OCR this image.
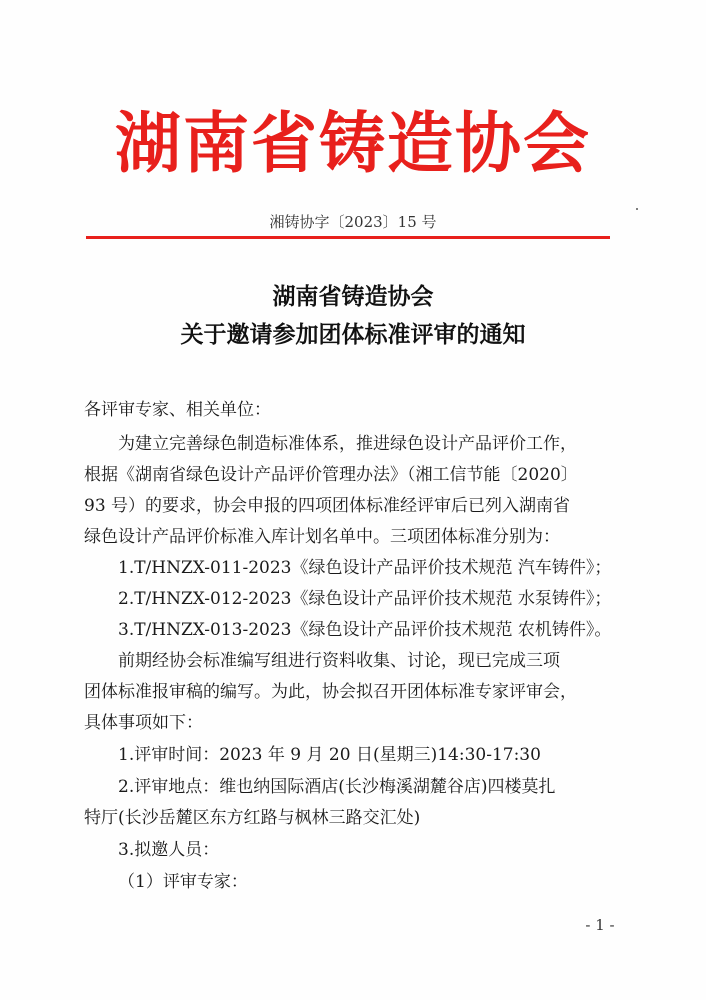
湖南省铸造协会
湘铸协字〔2023〕15 号
湖南省铸造协会
关于邀请参加团体标准评审的通知
各评审专家、相关单位：
为建立完善绿色制造标准体系，推进绿色设计产品评价工作，
根据《湖南省绿色设计产品评价管理办法》（湘工信节能〔2020〕
93 号）的要求，协会申报的四项团体标准经评审后已列入湖南省
绿色设计产品评价标准入库计划名单中。三项团体标准分别为：
1.T/HNZX-011-2023《绿色设计产品评价技术规范 汽车铸件》；
2.T/HNZX-012-2023《绿色设计产品评价技术规范 水泵铸件》；
3.T/HNZX-013-2023《绿色设计产品评价技术规范 农机铸件》。
前期经协会标准编写组进行资料收集、讨论，现已完成三项
团体标准报审稿的编写。为此，协会拟召开团体标准专家评审会，
具体事项如下：
1.评审时间：2023 年 9 月 20 日(星期三)14:30-17:30
2.评审地点：维也纳国际酒店(长沙梅溪湖麓谷店)四楼莫扎
特厅(长沙岳麓区东方红路与枫林三路交汇处)
3.拟邀人员：
（1）评审专家：
- 1 -
